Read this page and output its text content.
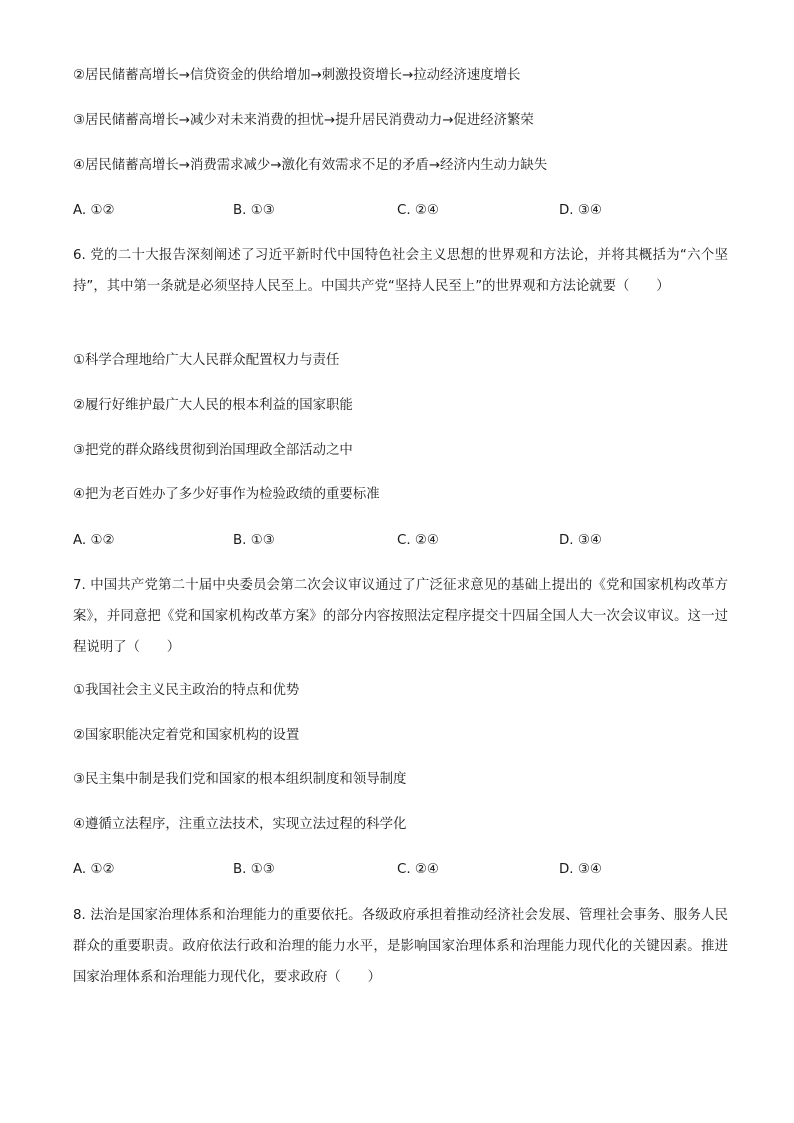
②居民储蓄高增长→信贷资金的供给增加→刺激投资增长→拉动经济速度增长
③居民储蓄高增长→减少对未来消费的担忧→提升居民消费动力→促进经济繁荣
④居民储蓄高增长→消费需求减少→激化有效需求不足的矛盾→经济内生动力缺失
A. ①②	B. ①③	C. ②④	D. ③④
6. 党的二十大报告深刻阐述了习近平新时代中国特色社会主义思想的世界观和方法论，并将其概括为“六个坚持”，其中第一条就是必须坚持人民至上。中国共产党“坚持人民至上”的世界观和方法论就要（　　）
①科学合理地给广大人民群众配置权力与责任
②履行好维护最广大人民的根本利益的国家职能
③把党的群众路线贯彻到治国理政全部活动之中
④把为老百姓办了多少好事作为检验政绩的重要标准
A. ①②	B. ①③	C. ②④	D. ③④
7. 中国共产党第二十届中央委员会第二次会议审议通过了广泛征求意见的基础上提出的《党和国家机构改革方案》，并同意把《党和国家机构改革方案》的部分内容按照法定程序提交十四届全国人大一次会议审议。这一过程说明了（　　）
①我国社会主义民主政治的特点和优势
②国家职能决定着党和国家机构的设置
③民主集中制是我们党和国家的根本组织制度和领导制度
④遵循立法程序，注重立法技术，实现立法过程的科学化
A. ①②	B. ①③	C. ②④	D. ③④
8. 法治是国家治理体系和治理能力的重要依托。各级政府承担着推动经济社会发展、管理社会事务、服务人民群众的重要职责。政府依法行政和治理的能力水平，是影响国家治理体系和治理能力现代化的关键因素。推进国家治理体系和治理能力现代化，要求政府（　　）
